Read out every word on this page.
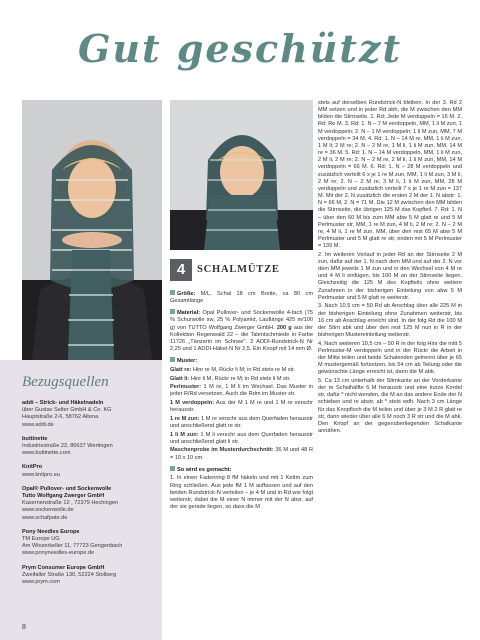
Gut geschützt
Bezugsquellen
addi – Strick- und Häkelnadeln
über Gustav Selter GmbH & Co. KG
Hauptstraße 2-6, 58762 Altena
www.addi.de
buttinette
Industriestraße 22, 86637 Wertingen
www.buttinette.com
KnitPro
www.knitpro.eu
Opal® Pullover- und Sockenwolle
Tutto Wolfgang Zwerger GmbH
Kasernenstraße 12 , 72379 Hechingen
www.sockenwolle.de
www.schafpate.de
Pony Needles Europe
TM Europe UG
Am Winzerkeller 11, 77723 Gengenbach
www.ponyneedles-europe.de
Prym Consumer Europe GmbH
Zweifaller Straße 130, 52224 Stolberg
www.prym.com
8
4	SCHALMÜTZE

Größe: M/L, Schal 18 cm Breite, ca 80 cm Gesamtlänge

Material: Opal Pullover- und Sockenwolle 4-fach (75 % Schurwolle sw, 25 % Polyamid, Lauflänge 425 m/100 g) von TUTTO Wolfgang Zwerger GmbH. 200 g aus der Kollektion Regenwald 22 – die Talentschmiede in Farbe 11726 „Tänzerin im Schnee". 2 ADDI-Rundstrick-N Nr 2,25 und 1 ADDI-Häkel-N Nr 2,5. Ein Knopf mit 14 mm Ø.

Muster:

Glatt re: Hinr re M, Rückr li M; in Rd stets re M str.

Glatt li: Hinr li M, Rückr re M; in Rd stets li M str.

Perlmuster: 1 M re, 1 M li im Wechsel. Das Muster in jeder R/Rd versetzen. Auch die Rdm im Muster str.

1 M verdoppeln: Aus der M 1 M re und 1 M re verschr herausstr.

1 re M zun: 1 M re verschr aus dem Querfaden herausstr und anschließend glatt re str.

1 li M zun: 1 M li verschr aus dem Querfaden herausstr und anschließend glatt li str.

Maschenprobe im Musterdurchschnitt: 36 M und 48 R = 10 x 10 cm.

So wird es gemacht:

1. In einen Fadenring 8 fM häkeln und mit 1 Kettm zum Ring schließen. Aus jede fM 1 M auffassen und auf den beiden Rundstrick-N verteilen – je 4 M und in Rd wie folgt weiterstr, dabei die M einer N immer mit der N absr, auf der sie gerade liegen, so dass die M

stets auf derselben Rundstrick-N bleiben. In der 3. Rd 2 MM setzen und in jeder Rd abh, die M zwischen den MM bilden die Stirnseite. 1. Rd: Jede M verdoppeln = 16 M. 2. Rd: Re M. 3. Rd: 1. N – 7 M verdoppeln, MM, 1 li M zun, 1 M verdoppeln; 2. N – 1 M verdoppeln; 1 li M zun, MM, 7 M verdoppeln = 34 M. 4. Rd: 1. N – 14 M re, MM, 1 li M zun, 1 M li; 2 M re; 2. N – 2 M re, 1 M li, 1 li M zun, MM, 14 M re = 36 M. 5. Rd: 1. N – 14 M verdoppeln, MM, 1 li M zun, 2 M li, 2 M re; 2. N – 2 M re, 2 M li, 1 li M zun, MM, 14 M verdoppeln = 66 M. 6. Rd: 1. N – 28 M verdoppeln und zusätzlich verteilt 6 x je 1 re M zun, MM, 1 li M zun, 3 M li, 2 M re; 2. N – 2 M re, 3 M li, 1 li M zun, MM, 28 M verdoppeln und zusätzlich verteilt 7 x je 1 re M zun = 137 M. Mit der 2. N zusätzlich die ersten 2 M der 1. N abstr: 1. N = 66 M, 2. N = 71 M. Die 12 M zwischen den MM bilden die Stirnseite, die übrigen 125 M das Kopfteil. 7. Rd: 1. N – über den 60 M bis zum MM abw 5 M glatt re und 5 M Perlmuster str, MM, 1 re M zun, 4 M li, 2 M re; 2. N – 2 M re, 4 M li, 1 re M zun, MM, über den rest 65 M abw 5 M Perlmuster und 5 M glatt re str, enden mit 5 M Perlmuster = 139 M.

2. Im weiteren Verlauf in jeder Rd an der Stirnseite 2 M zun, dafür auf der 1. N nach dem MM und auf der 2. N vor dem MM jeweils 1 M zun und in den Wechsel von 4 M re und 4 M li einfügen, bis 100 M an der Stirnseite liegen. Gleichzeitig die 125 M des Kopfteils ohne weitere Zunahmen in der bisherigen Einteilung von abw 5 M Perlmuster und 5 M glatt re weiterstr.

3. Nach 10,5 cm = 50 Rd ab Anschlag über alle 225 M in der bisherigen Einteilung ohne Zunahmen weiterstr, bis 16 cm ab Anschlag erreicht sind. In der folg Rd die 100 M der Stirn abk und über den rest 125 M nun in R in der bisherigen Mustereinteilung weiterstr.

4. Nach weiteren 10,5 cm – 50 R in der folg Hinr die mitt 5 Perlmuster-M verdoppeln und in der Rückr die Arbeit in der Mitte teilen und beide Schalenden getrennt über je 65 M mustergemäß fortsetzen, bis 54 cm ab Teilung oder die gewünschte Länge erreicht ist, dann die M abk.

5. Ca 13 cm unterhalb der Stirnkante an der Vorderkante der re Schalhälfte 6 M herausstr und eine kurze Kordel str, dafür * nicht wenden, die M an das andere Ende der N schieben und re abstr, ab * stets wdh. Nach 3 cm Länge für das Knopfloch die M teilen und über je 3 M 2 R glatt re str, dann wieder über alle 6 M noch 3 R str und die M abk. Den Knopf an der gegenüberliegenden Schalkante annähen.
